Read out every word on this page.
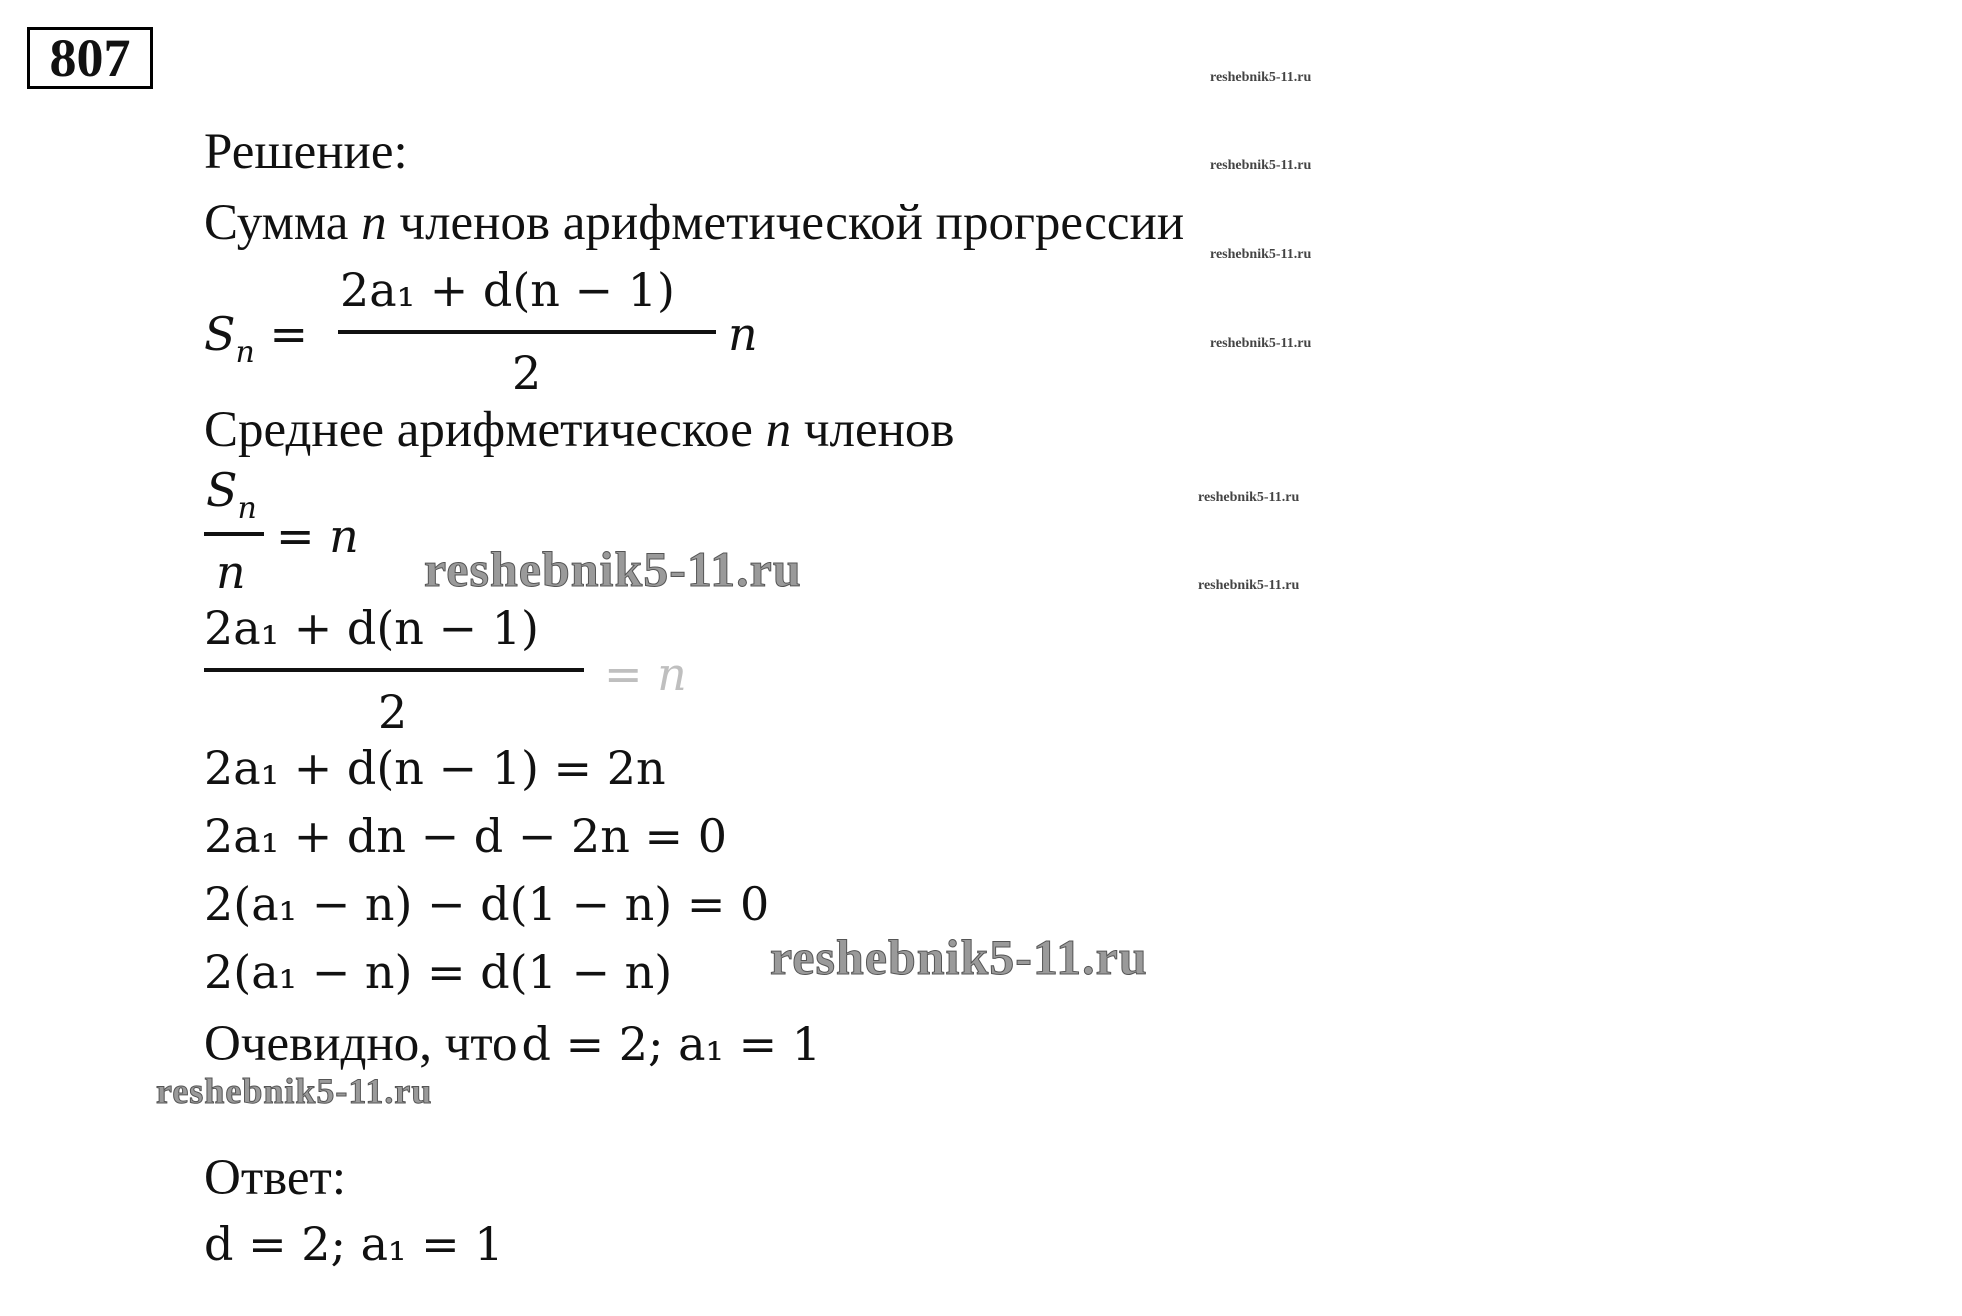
807	reshebnik5-11.ru
reshebnik5-11.ru
reshebnik5-11.ru
reshebnik5-11.ru
reshebnik5-11.ru
reshebnik5-11.ru
Решение:
Сумма n членов арифметической прогрессии
$S_n$ =
2a₁ + d(n − 1)
2
n
Среднее арифметическое n членов
$S_n$
n
= n
reshebnik5-11.ru
2a₁ + d(n − 1)
2
= n
2a₁ + d(n − 1) = 2n
2a₁ + dn − d − 2n = 0
2(a₁ − n) − d(1 − n) = 0
2(a₁ − n) = d(1 − n) reshebnik5-11.ru
Очевидно, что d = 2; a₁ = 1
reshebnik5-11.ru
Ответ:
d = 2; a₁ = 1
